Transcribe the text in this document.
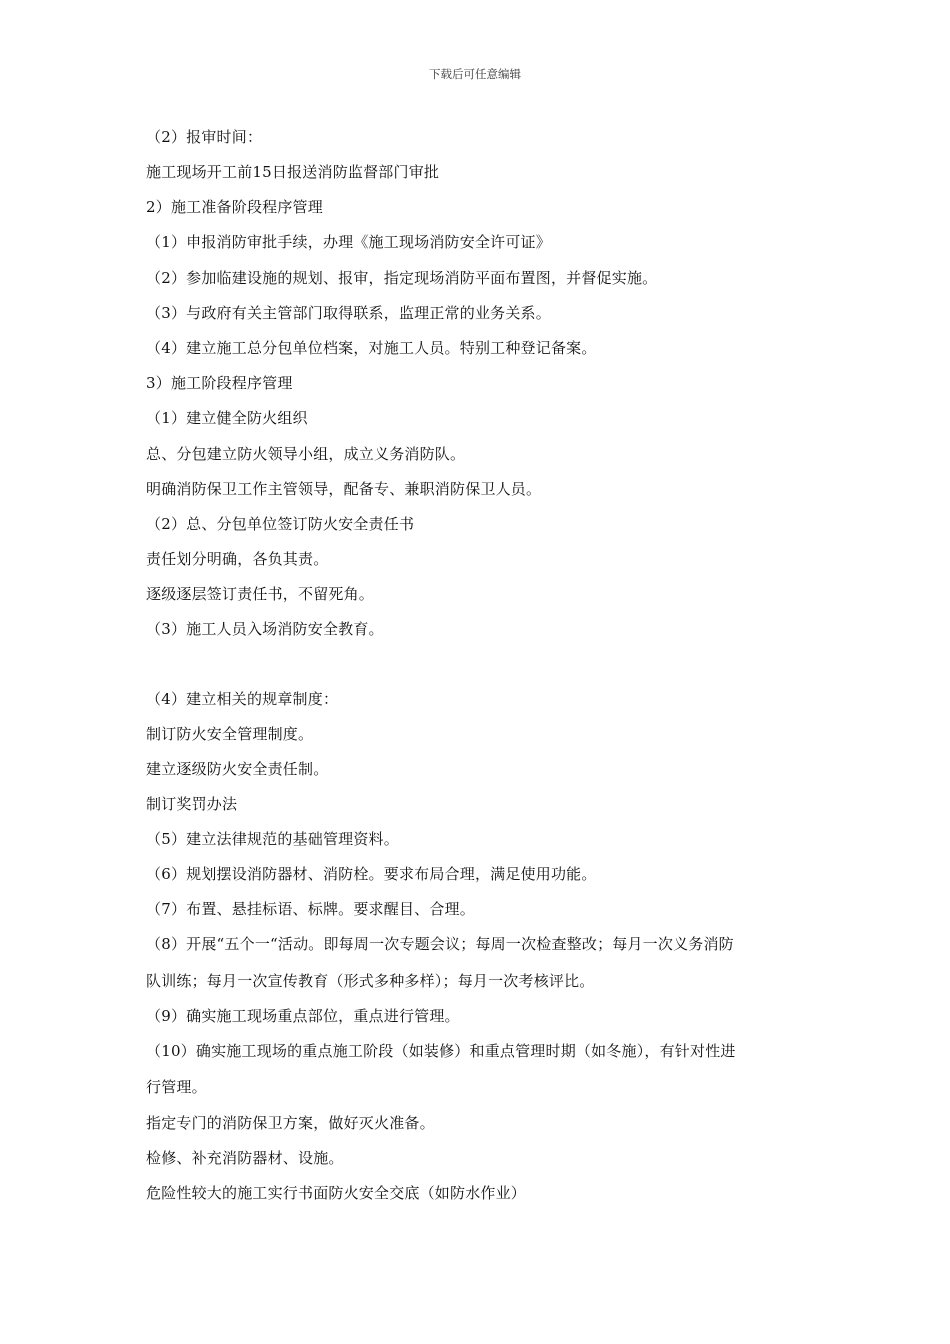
下载后可任意编辑
（2）报审时间：
施工现场开工前15日报送消防监督部门审批
2）施工准备阶段程序管理
（1）申报消防审批手续，办理《施工现场消防安全许可证》
（2）参加临建设施的规划、报审，指定现场消防平面布置图，并督促实施。
（3）与政府有关主管部门取得联系，监理正常的业务关系。
（4）建立施工总分包单位档案，对施工人员。特别工种登记备案。
3）施工阶段程序管理
（1）建立健全防火组织
总、分包建立防火领导小组，成立义务消防队。
明确消防保卫工作主管领导，配备专、兼职消防保卫人员。
（2）总、分包单位签订防火安全责任书
责任划分明确，各负其责。
逐级逐层签订责任书，不留死角。
（3）施工人员入场消防安全教育。
（4）建立相关的规章制度：
制订防火安全管理制度。
建立逐级防火安全责任制。
制订奖罚办法
（5）建立法律规范的基础管理资料。
（6）规划摆设消防器材、消防栓。要求布局合理，满足使用功能。
（7）布置、悬挂标语、标牌。要求醒目、合理。
（8）开展“五个一“活动。即每周一次专题会议；每周一次检查整改；每月一次义务消防
队训练；每月一次宣传教育（形式多种多样）；每月一次考核评比。
（9）确实施工现场重点部位，重点进行管理。
（10）确实施工现场的重点施工阶段（如装修）和重点管理时期（如冬施），有针对性进
行管理。
指定专门的消防保卫方案，做好灭火准备。
检修、补充消防器材、设施。
危险性较大的施工实行书面防火安全交底（如防水作业）
